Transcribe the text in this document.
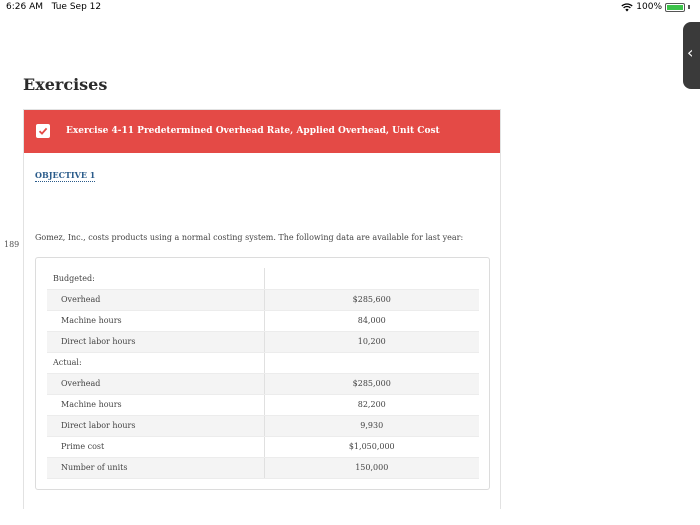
6:26 AM Tue Sep 12	100%
‹
Exercises
189
Exercise 4-11 Predetermined Overhead Rate, Applied Overhead, Unit Cost
OBJECTIVE 1

Gomez, Inc., costs products using a normal costing system. The following data are available for last year:

Budgeted:	
Overhead	$285,600
Machine hours	84,000
Direct labor hours	10,200
Actual:	
Overhead	$285,000
Machine hours	82,200
Direct labor hours	9,930
Prime cost	$1,050,000
Number of units	150,000
